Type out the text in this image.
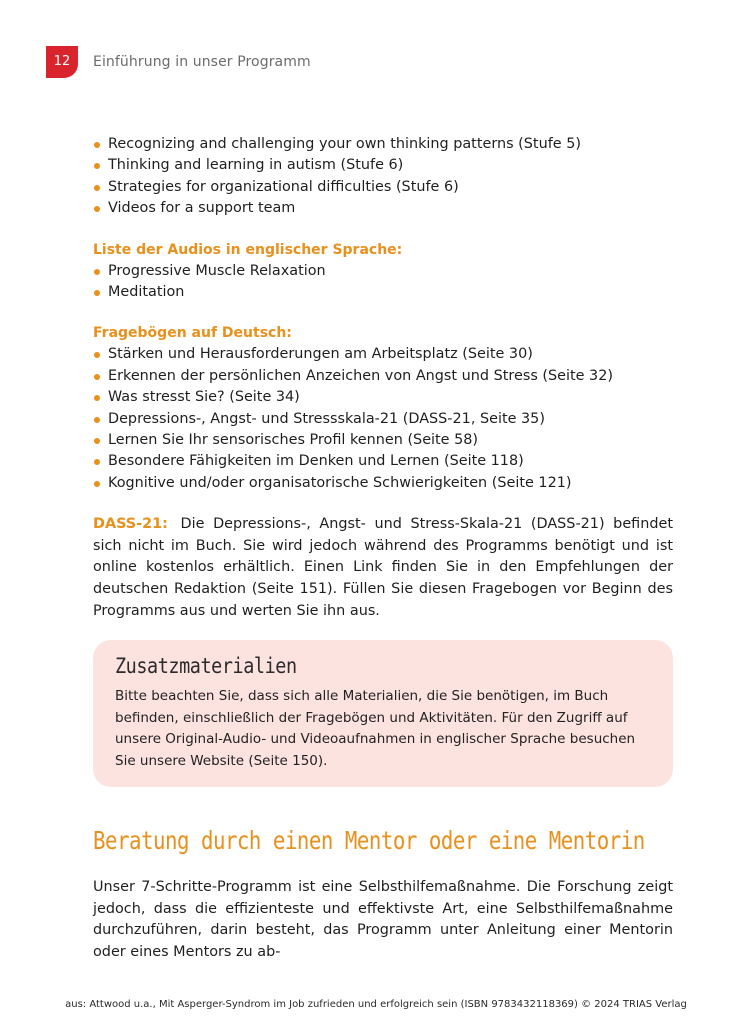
12	Einführung in unser Programm
Recognizing and challenging your own thinking patterns (Stufe 5)
Thinking and learning in autism (Stufe 6)
Strategies for organizational difficulties (Stufe 6)
Videos for a support team
Liste der Audios in englischer Sprache:
Progressive Muscle Relaxation
Meditation
Fragebögen auf Deutsch:
Stärken und Herausforderungen am Arbeitsplatz (Seite 30)
Erkennen der persönlichen Anzeichen von Angst und Stress (Seite 32)
Was stresst Sie? (Seite 34)
Depressions-, Angst- und Stressskala-21 (DASS-21, Seite 35)
Lernen Sie Ihr sensorisches Profil kennen (Seite 58)
Besondere Fähigkeiten im Denken und Lernen (Seite 118)
Kognitive und/oder organisatorische Schwierigkeiten (Seite 121)

DASS-21: Die Depressions-, Angst- und Stress-Skala-21 (DASS-21) befindet sich nicht im Buch. Sie wird jedoch während des Programms benötigt und ist online kostenlos erhältlich. Einen Link finden Sie in den Empfehlungen der deutschen Redaktion (Seite 151). Füllen Sie diesen Fragebogen vor Beginn des Programms aus und werten Sie ihn aus.

Zusatzmaterialien
Bitte beachten Sie, dass sich alle Materialien, die Sie benötigen, im Buch befinden, einschließlich der Fragebögen und Aktivitäten. Für den Zugriff auf unsere Original-Audio- und Videoaufnahmen in englischer Sprache besuchen Sie unsere Website (Seite 150).
Beratung durch einen Mentor oder eine Mentorin
Unser 7-Schritte-Programm ist eine Selbsthilfemaßnahme. Die Forschung zeigt jedoch, dass die effizienteste und effektivste Art, eine Selbsthilfemaßnahme durchzuführen, darin besteht, das Programm unter Anleitung einer Mentorin oder eines Mentors zu ab-
aus: Attwood u.a., Mit Asperger-Syndrom im Job zufrieden und erfolgreich sein (ISBN 9783432118369) © 2024 TRIAS Verlag
